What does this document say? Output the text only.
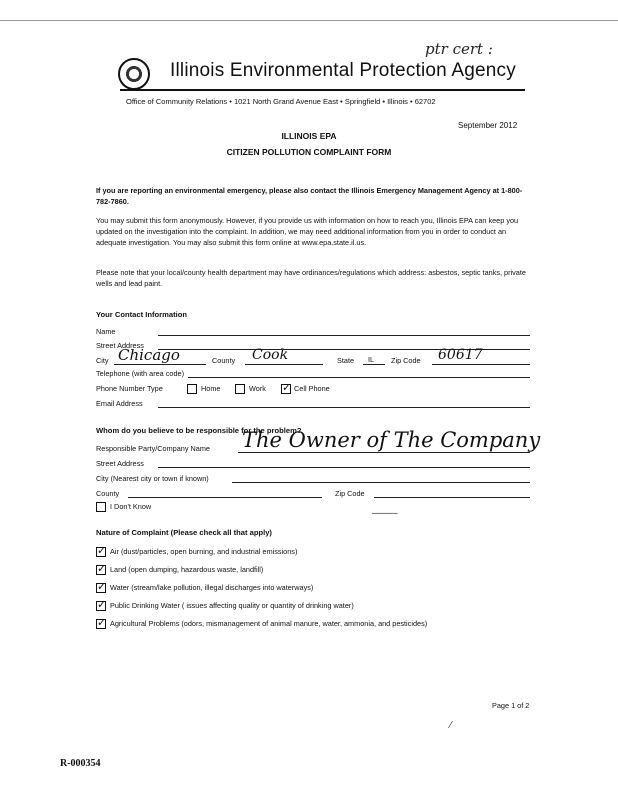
ptr cert :
Illinois Environmental Protection Agency
Office of Community Relations • 1021 North Grand Avenue East • Springfield • Illinois • 62702
September 2012
ILLINOIS EPA
CITIZEN POLLUTION COMPLAINT FORM
If you are reporting an environmental emergency, please also contact the Illinois Emergency Management Agency at 1-800-782-7860.
You may submit this form anonymously. However, if you provide us with information on how to reach you, Illinois EPA can keep you updated on the investigation into the complaint. In addition, we may need additional information from you in order to conduct an adequate investigation. You may also submit this form online at www.epa.state.il.us.
Please note that your local/county health department may have ordinances/regulations which address: asbestos, septic tanks, private wells and lead paint.
Your Contact Information
Name
Street Address
City Chicago	County Cook	State IL Zip Code 60617
Telephone (with area code)
Phone Number Type	Home	Work ✓ Cell Phone
Email Address
Whom do you believe to be responsible for the problem?
Responsible Party/Company Name The Owner of The Company
Street Address
City (Nearest city or town if known)
County	Zip Code
I Don't Know
——–
Nature of Complaint (Please check all that apply)
✓ Air (dust/particles, open burning, and industrial emissions)
✓ Land (open dumping, hazardous waste, landfill)
✓ Water (stream/lake pollution, illegal discharges into waterways)
✓ Public Drinking Water ( issues affecting quality or quantity of drinking water)
✓ Agricultural Problems (odors, mismanagement of animal manure, water, ammonia, and pesticides)
Page 1 of 2
⁄
R-000354
